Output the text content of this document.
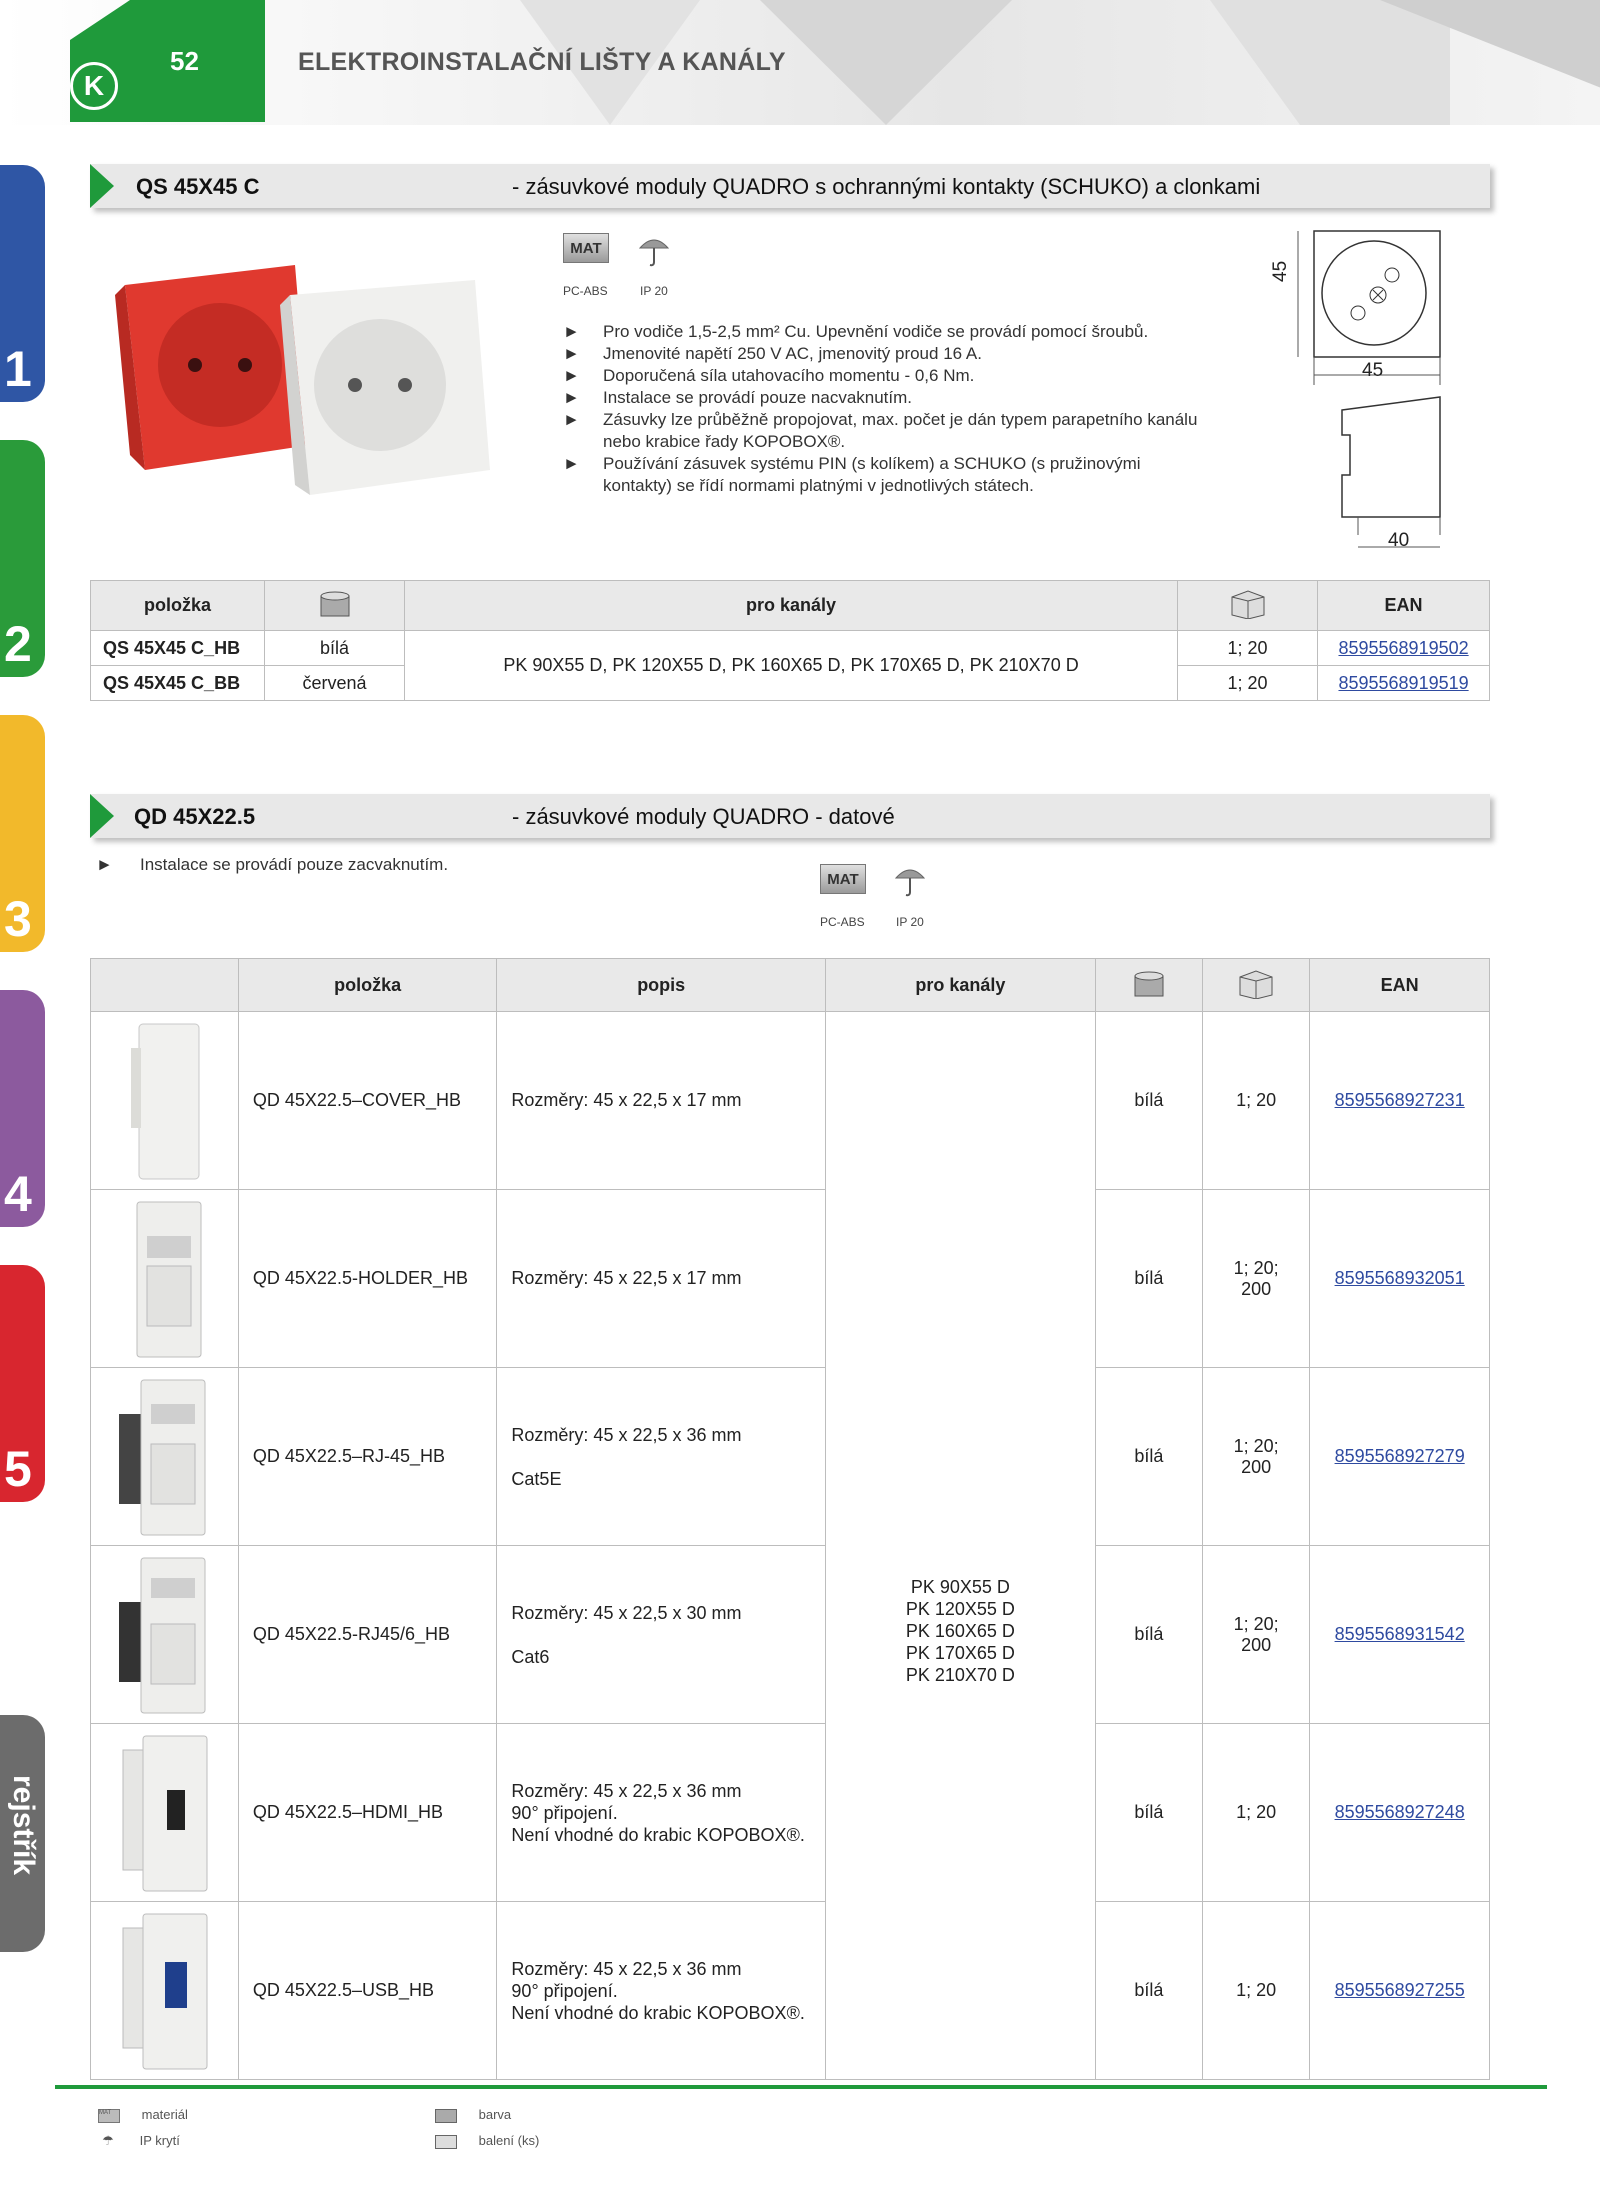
K
52	ELEKTROINSTALAČNÍ LIŠTY A KANÁLY
1
2
3
4
5
rejstřík
QS 45X45 C	- zásuvkové moduly QUADRO s ochrannými kontakty (SCHUKO) a clonkami
MAT
PC-ABS	IP 20
►	Pro vodiče 1,5-2,5 mm² Cu. Upevnění vodiče se provádí pomocí šroubů.
►	Jmenovité napětí 250 V AC, jmenovitý proud 16 A.
►	Doporučená síla utahovacího momentu - 0,6 Nm.
►	Instalace se provádí pouze nacvaknutím.
►	Zásuvky lze průběžně propojovat, max. počet je dán typem parapetního kanálu nebo krabice řady KOPOBOX®.
►	Používání zásuvek systému PIN (s kolíkem) a SCHUKO (s pružinovými kontakty) se řídí normami platnými v jednotlivých státech.
45
45
40
položka		pro kanály		EAN
QS 45X45 C_HB	bílá	PK 90X55 D, PK 120X55 D, PK 160X65 D, PK 170X65 D, PK 210X70 D	1; 20	8595568919502
QS 45X45 C_BB	červená		1; 20	8595568919519
QD 45X22.5	- zásuvkové moduly QUADRO - datové
►	Instalace se provádí pouze zacvaknutím.
MAT
PC-ABS	IP 20
	položka	popis	pro kanály			EAN

	QD 45X22.5–COVER_HB	Rozměry: 45 x 22,5 x 17 mm	PK 90X55 D
PK 120X55 D
PK 160X65 D
PK 170X65 D
PK 210X70 D	bílá	1; 20	8595568927231

	QD 45X22.5-HOLDER_HB	Rozměry: 45 x 22,5 x 17 mm		bílá	1; 20; 200	8595568932051

	QD 45X22.5–RJ-45_HB	Rozměry: 45 x 22,5 x 36 mm
Cat5E		bílá	1; 20; 200	8595568927279

	QD 45X22.5-RJ45/6_HB	Rozměry: 45 x 22,5 x 30 mm
Cat6		bílá	1; 20; 200	8595568931542

	QD 45X22.5–HDMI_HB	Rozměry: 45 x 22,5 x 36 mm
90° připojení.
Není vhodné do krabic KOPOBOX®.		bílá	1; 20	8595568927248

	QD 45X22.5–USB_HB	Rozměry: 45 x 22,5 x 36 mm
90° připojení.
Není vhodné do krabic KOPOBOX®.		bílá	1; 20	8595568927255
MAT materiál
☂ IP krytí
barva
balení (ks)
